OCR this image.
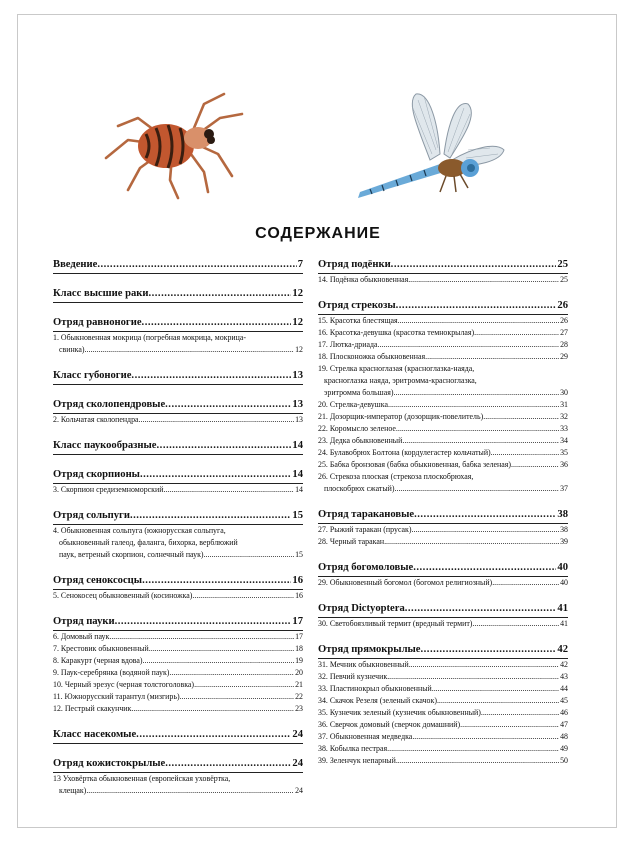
СОДЕРЖАНИЕ
Введение .....	7
Класс высшие раки .....	12
Отряд равноногие .....	12
1. Обыкновенная мокрица (погребная мокрица, мокрица-
свинка) .....	12
Класс губоногие .....	13
Отряд сколопендровые .....	13
2. Кольчатая сколопендра .....	13
Класс паукообразные .....	14
Отряд скорпионы .....	14
3. Скорпион средиземноморский .....	14
Отряд сольпуги .....	15
4. Обыкновенная сольпуга (южнорусская сольпуга,
обыкновенный галеод, фаланга, бихорка, верблюжий
паук, ветреный скорпион, солнечный паук) .....	15
Отряд сеноксосцы .....	16
5. Сенокосец обыкновенный (косиножка) .....	16
Отряд пауки .....	17
6. Домовый паук .....	17
7. Крестовик обыкновенный .....	18
8. Каракурт (черная вдова) .....	19
9. Паук-серебрянка (водяной паук) .....	20
10. Черный эрезус (черная толстоголовка) .....	21
11. Южнорусский тарантул (мизгирь) .....	22
12. Пестрый скакунчик .....	23
Класс насекомые .....	24
Отряд кожистокрылые .....	24
13 Уховёртка обыкновенная (европейская уховёртка,
клещак) .....	24
Отряд подёнки .....	25
14. Подёнка обыкновенная .....	25
Отряд стрекозы .....	26
15. Красотка блестящая .....	26
16. Красотка-девушка (красотка темнокрылая) .....	27
17. Лютка-дриада .....	28
18. Плосконожка обыкновенная .....	29
19. Стрелка красноглазая (красноглазка-наяда,
красноглазка наяда, эритромма-красноглазка,
эритромма большая) .....	30
20. Стрелка-девушка .....	31
21. Дозорщик-император (дозорщик-повелитель) .....	32
22. Коромысло зеленое .....	33
23. Дедка обыкновенный .....	34
24. Булавобрюх Болтона (кордулегастер кольчатый) .....	35
25. Бабка бронзовая (бабка обыкновенная, бабка зеленая) .....	36
26. Стрекоза плоская (стрекоза плоскобрюхая,
плоскобрюх сжатый) .....	37
Отряд таракановые .....	38
27. Рыжий таракан (прусак) .....	38
28. Черный таракан .....	39
Отряд богомоловые .....	40
29. Обыкновенный богомол (богомол религиозный) .....	40
Отряд Dictyoptera .....	41
30. Светобоязливый термит (вредный термит) .....	41
Отряд прямокрылые .....	42
31. Мечник обыкновенный .....	42
32. Певчий кузнечик .....	43
33. Пластинокрыл обыкновенный .....	44
34. Скачок Резеля (зеленый скачок) .....	45
35. Кузнечик зеленый (кузнечик обыкновенный) .....	46
36. Сверчок домовый (сверчок домашний) .....	47
37. Обыкновенная медведка .....	48
38. Кобылка пестрая .....	49
39. Зеленчук непарный .....	50
